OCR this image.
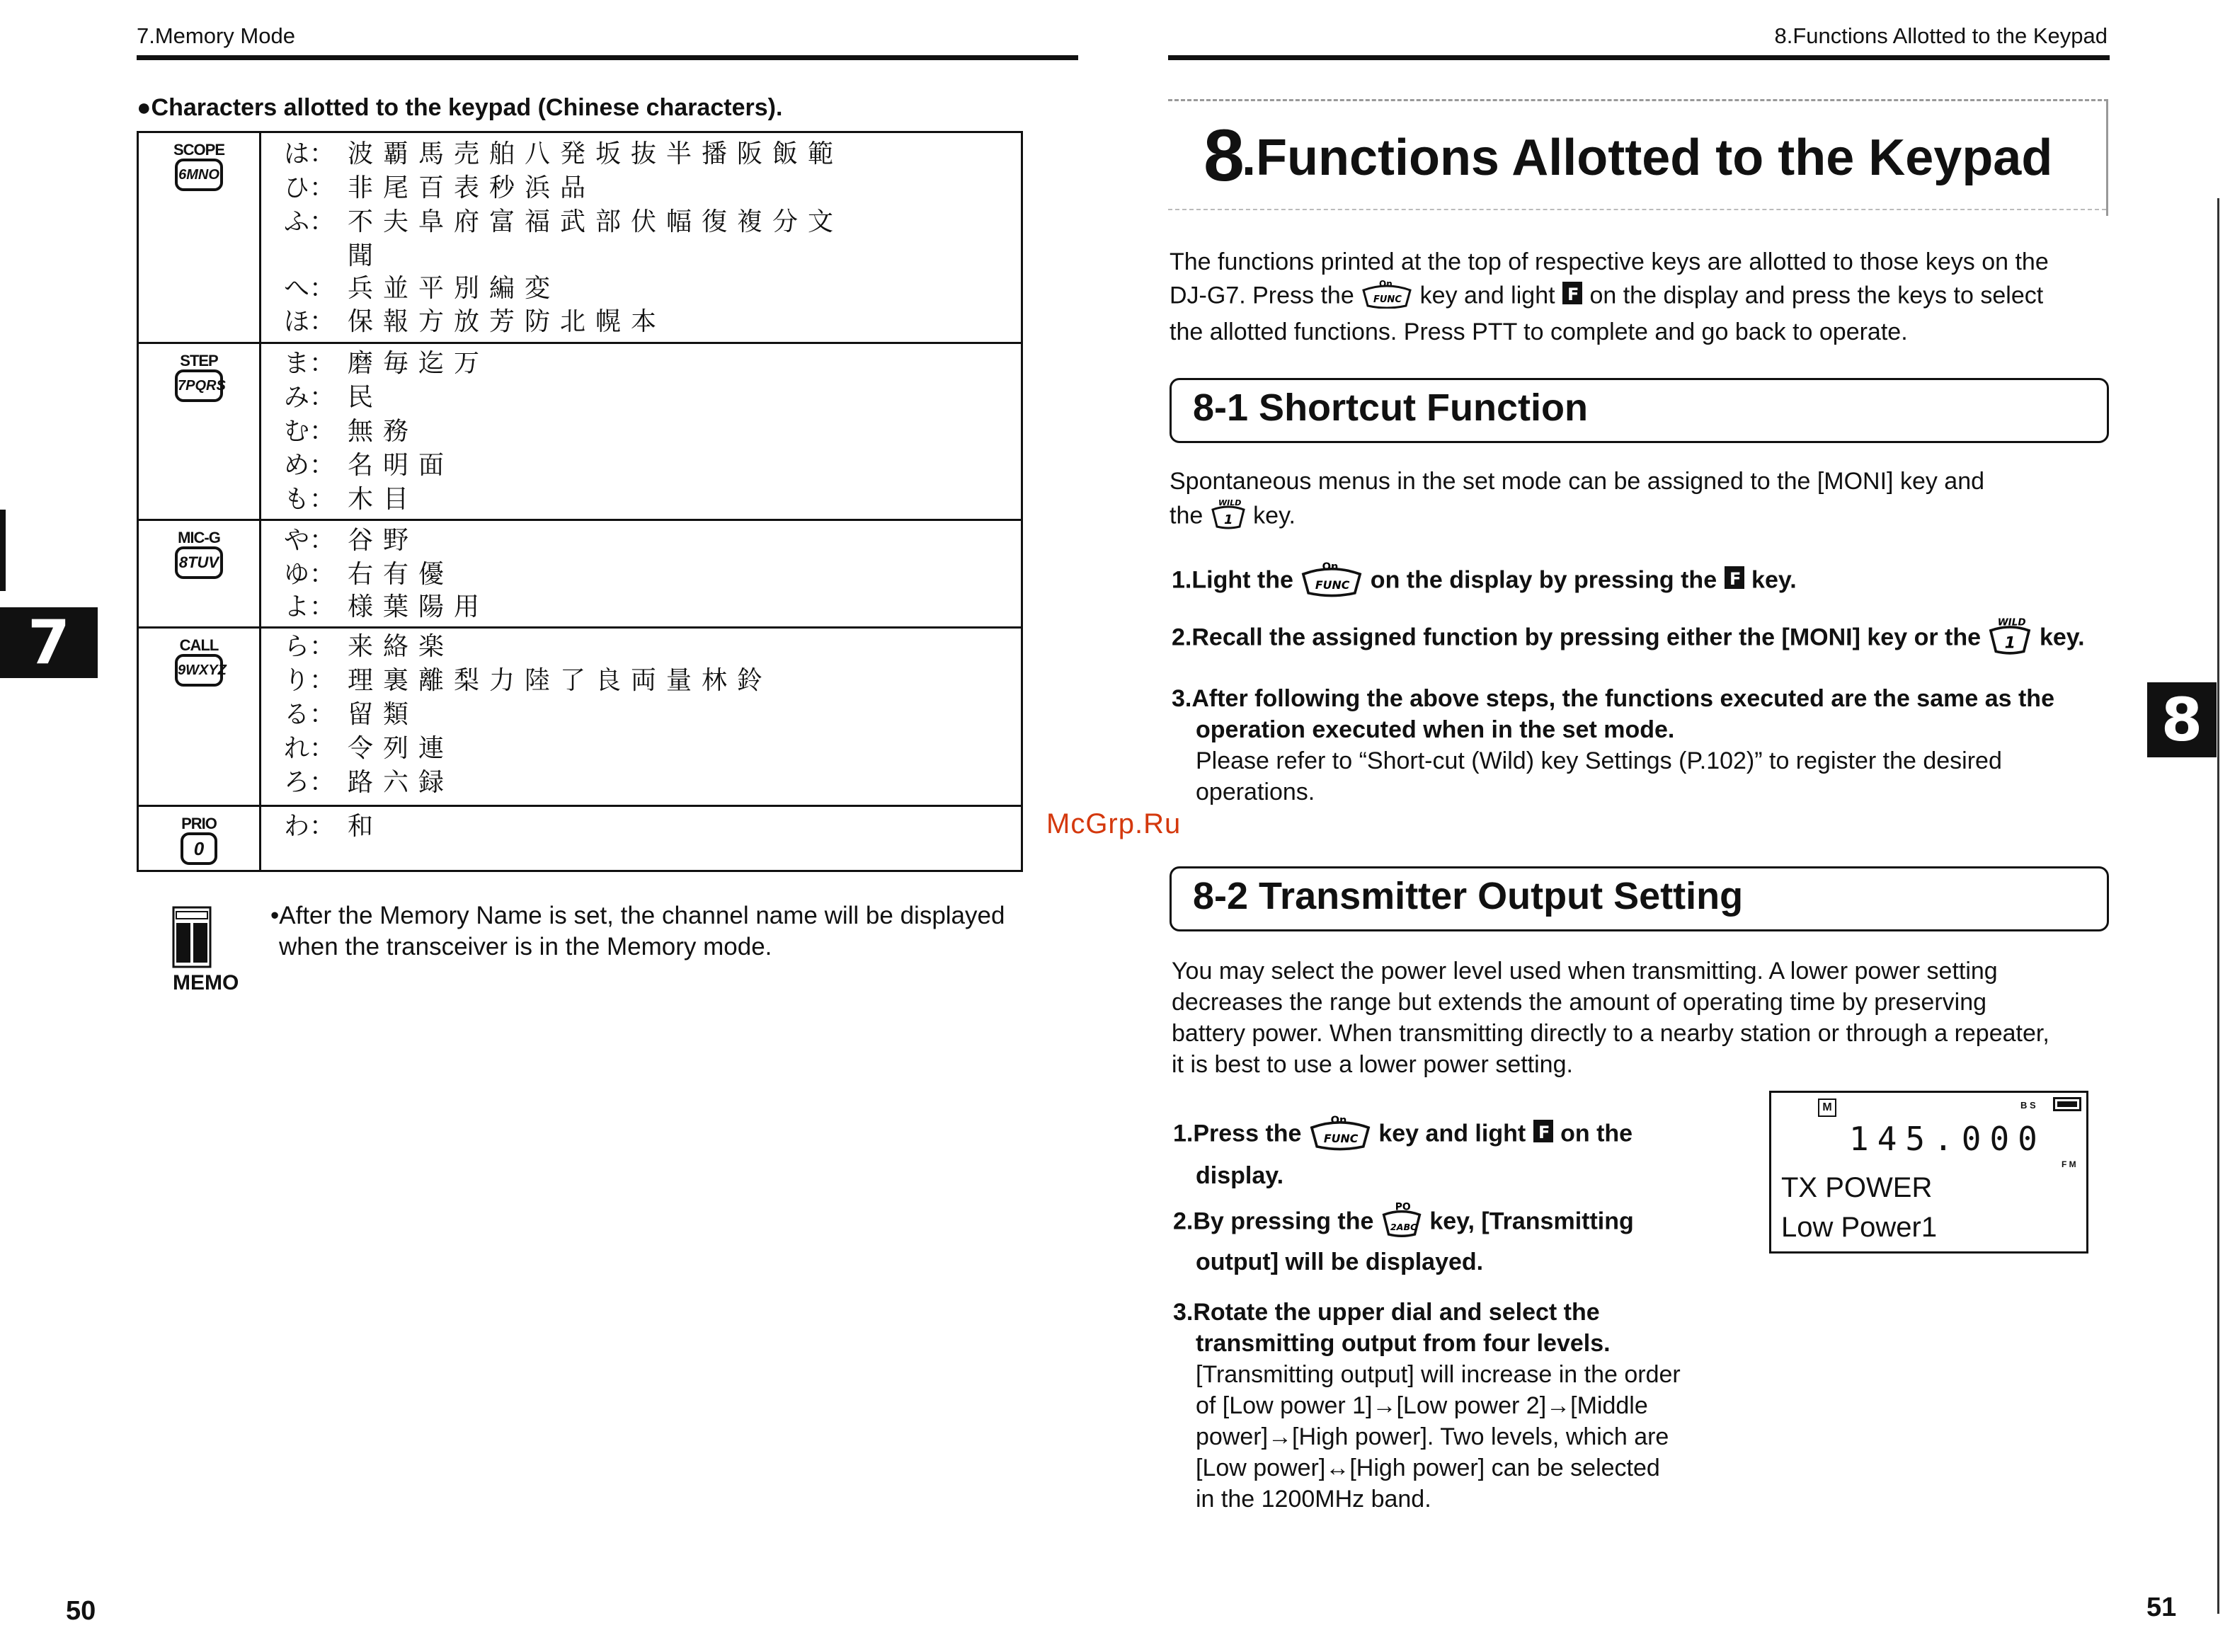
7.Memory Mode
●Characters allotted to the keypad (Chinese characters).
SCOPE
6MNO
は： 波覇馬売舶八発坂抜半播阪飯範
ひ： 非尾百表秒浜品
ふ： 不夫阜府富福武部伏幅復複分文
聞
へ： 兵並平別編変
ほ： 保報方放芳防北幌本
STEP
7PQRS
ま： 磨毎迄万
み： 民
む： 無務
め： 名明面
も： 木目
MIC-G
8TUV
や： 谷野
ゆ： 右有優
よ： 様葉陽用
CALL
9WXYZ
ら： 来絡楽
り： 理裏離梨力陸了良両量林鈴
る： 留類
れ： 令列連
ろ： 路六録
PRIO
0
わ： 和
MEMO
•After the Memory Name is set, the channel name will be displayed
when the transceiver is in the Memory mode.
50
7
McGrp.Ru
8.Functions Allotted to the Keypad
8
.Functions Allotted to the Keypad
The functions printed at the top of respective keys are allotted to those keys on the
DJ-G7. Press the	On
FUNC key and light F on the display and press the keys to select
the allotted functions. Press PTT to complete and go back to operate.
8-1 Shortcut Function
Spontaneous menus in the set mode can be assigned to the [MONI] key and
the WILD
1 key.
1.Light the	On
FUNC on the display by pressing the F key.
2.Recall the assigned function by pressing either the [MONI] key or the
WILD
1 key.
3.After following the above steps, the functions executed are the same as the
operation executed when in the set mode.
Please refer to “Short-cut (Wild) key Settings (P.102)” to register the desired
operations.
8-2 Transmitter Output Setting
You may select the power level used when transmitting. A lower power setting
decreases the range but extends the amount of operating time by preserving
battery power. When transmitting directly to a nearby station or through a repeater,
it is best to use a lower power setting.
1.Press the	On
FUNC key and light F on the
display.
2.By pressing the
PO
2ABC key, [Transmitting
output] will be displayed.
3.Rotate the upper dial and select the
transmitting output from four levels.
[Transmitting output] will increase in the order
of [Low power 1]→[Low power 2]→[Middle
power]→[High power]. Two levels, which are
[Low power]↔[High power] can be selected
in the 1200MHz band.
M	B S
145.000
F M
TX POWER
Low Power1
51
8
